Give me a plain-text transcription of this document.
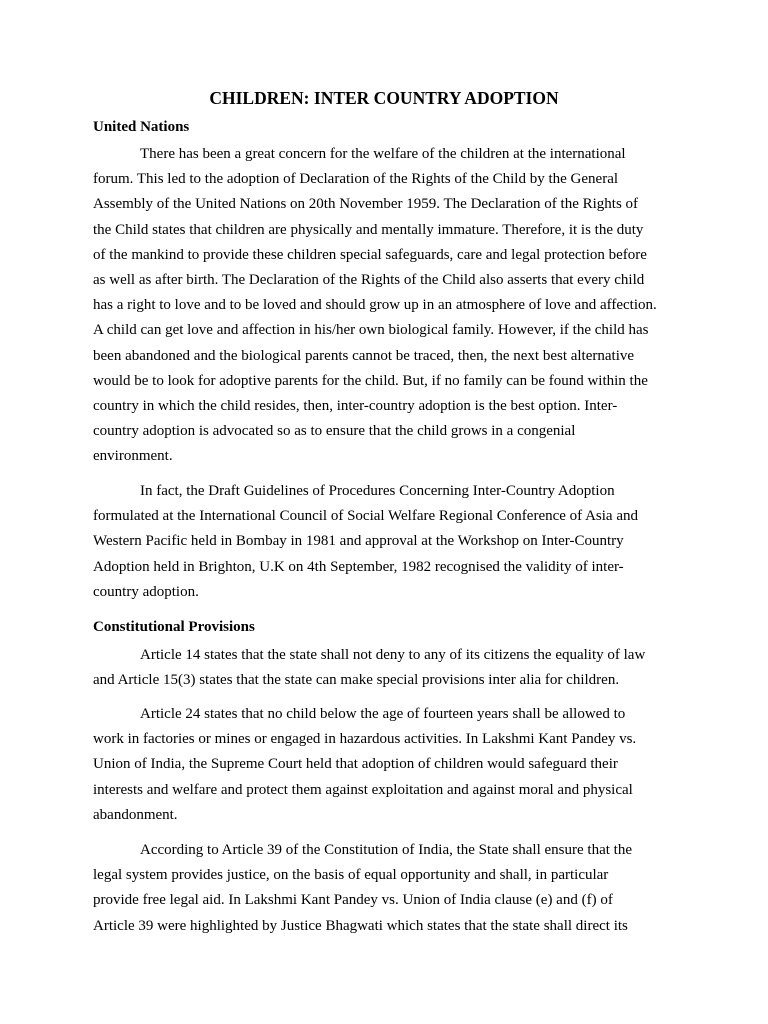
CHILDREN: INTER COUNTRY ADOPTION
United Nations
There has been a great concern for the welfare of the children at the international
forum. This led to the adoption of Declaration of the Rights of the Child by the General
Assembly of the United Nations on 20th November 1959. The Declaration of the Rights of
the Child states that children are physically and mentally immature. Therefore, it is the duty
of the mankind to provide these children special safeguards, care and legal protection before
as well as after birth. The Declaration of the Rights of the Child also asserts that every child
has a right to love and to be loved and should grow up in an atmosphere of love and affection.
A child can get love and affection in his/her own biological family. However, if the child has
been abandoned and the biological parents cannot be traced, then, the next best alternative
would be to look for adoptive parents for the child. But, if no family can be found within the
country in which the child resides, then, inter-country adoption is the best option. Inter-
country adoption is advocated so as to ensure that the child grows in a congenial
environment.
In fact, the Draft Guidelines of Procedures Concerning Inter-Country Adoption
formulated at the International Council of Social Welfare Regional Conference of Asia and
Western Pacific held in Bombay in 1981 and approval at the Workshop on Inter-Country
Adoption held in Brighton, U.K on 4th September, 1982 recognised the validity of inter-
country adoption.
Constitutional Provisions
Article 14 states that the state shall not deny to any of its citizens the equality of law
and Article 15(3) states that the state can make special provisions inter alia for children.
Article 24 states that no child below the age of fourteen years shall be allowed to
work in factories or mines or engaged in hazardous activities. In Lakshmi Kant Pandey vs.
Union of India, the Supreme Court held that adoption of children would safeguard their
interests and welfare and protect them against exploitation and against moral and physical
abandonment.
According to Article 39 of the Constitution of India, the State shall ensure that the
legal system provides justice, on the basis of equal opportunity and shall, in particular
provide free legal aid. In Lakshmi Kant Pandey vs. Union of India clause (e) and (f) of
Article 39 were highlighted by Justice Bhagwati which states that the state shall direct its
